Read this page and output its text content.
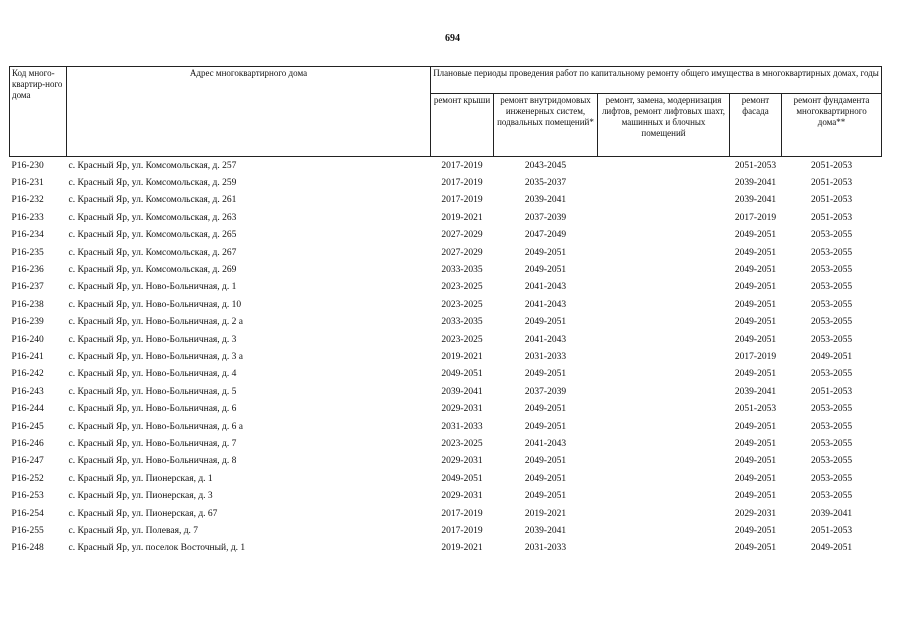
694
Код много-квартир-ного дома	Адрес многоквартирного дома	Плановые периоды проведения работ по капитальному ремонту общего имущества в многоквартирных домах, годы				
		ремонт крыши	ремонт внутридомовых инженерных систем, подвальных помещений*	ремонт, замена, модернизация лифтов, ремонт лифтовых шахт, машинных и блочных помещений	ремонт фасада	ремонт фундамента многоквартирного дома**
Р16-230	с. Красный Яр, ул. Комсомольская, д. 257	2017-2019	2043-2045		2051-2053	2051-2053
Р16-231	с. Красный Яр, ул. Комсомольская, д. 259	2017-2019	2035-2037		2039-2041	2051-2053
Р16-232	с. Красный Яр, ул. Комсомольская, д. 261	2017-2019	2039-2041		2039-2041	2051-2053
Р16-233	с. Красный Яр, ул. Комсомольская, д. 263	2019-2021	2037-2039		2017-2019	2051-2053
Р16-234	с. Красный Яр, ул. Комсомольская, д. 265	2027-2029	2047-2049		2049-2051	2053-2055
Р16-235	с. Красный Яр, ул. Комсомольская, д. 267	2027-2029	2049-2051		2049-2051	2053-2055
Р16-236	с. Красный Яр, ул. Комсомольская, д. 269	2033-2035	2049-2051		2049-2051	2053-2055
Р16-237	с. Красный Яр, ул. Ново-Больничная, д. 1	2023-2025	2041-2043		2049-2051	2053-2055
Р16-238	с. Красный Яр, ул. Ново-Больничная, д. 10	2023-2025	2041-2043		2049-2051	2053-2055
Р16-239	с. Красный Яр, ул. Ново-Больничная, д. 2 а	2033-2035	2049-2051		2049-2051	2053-2055
Р16-240	с. Красный Яр, ул. Ново-Больничная, д. 3	2023-2025	2041-2043		2049-2051	2053-2055
Р16-241	с. Красный Яр, ул. Ново-Больничная, д. 3 а	2019-2021	2031-2033		2017-2019	2049-2051
Р16-242	с. Красный Яр, ул. Ново-Больничная, д. 4	2049-2051	2049-2051		2049-2051	2053-2055
Р16-243	с. Красный Яр, ул. Ново-Больничная, д. 5	2039-2041	2037-2039		2039-2041	2051-2053
Р16-244	с. Красный Яр, ул. Ново-Больничная, д. 6	2029-2031	2049-2051		2051-2053	2053-2055
Р16-245	с. Красный Яр, ул. Ново-Больничная, д. 6 а	2031-2033	2049-2051		2049-2051	2053-2055
Р16-246	с. Красный Яр, ул. Ново-Больничная, д. 7	2023-2025	2041-2043		2049-2051	2053-2055
Р16-247	с. Красный Яр, ул. Ново-Больничная, д. 8	2029-2031	2049-2051		2049-2051	2053-2055
Р16-252	с. Красный Яр, ул. Пионерская, д. 1	2049-2051	2049-2051		2049-2051	2053-2055
Р16-253	с. Красный Яр, ул. Пионерская, д. 3	2029-2031	2049-2051		2049-2051	2053-2055
Р16-254	с. Красный Яр, ул. Пионерская, д. 67	2017-2019	2019-2021		2029-2031	2039-2041
Р16-255	с. Красный Яр, ул. Полевая, д. 7	2017-2019	2039-2041		2049-2051	2051-2053
Р16-248	с. Красный Яр, ул. поселок Восточный, д. 1	2019-2021	2031-2033		2049-2051	2049-2051
